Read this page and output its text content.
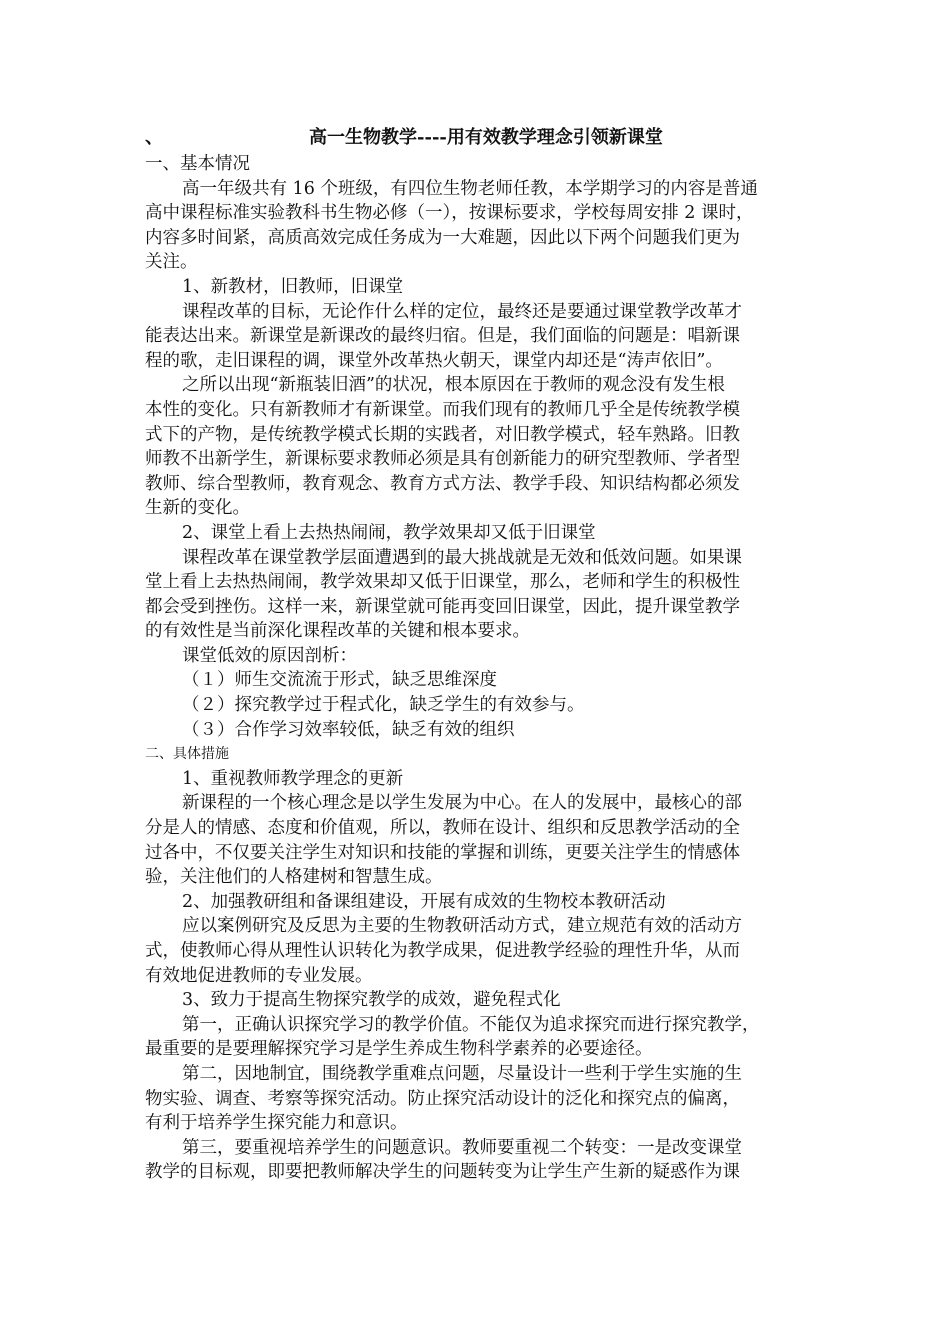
、	高一生物教学----用有效教学理念引领新课堂
一、基本情况
高一年级共有 16 个班级，有四位生物老师任教，本学期学习的内容是普通
高中课程标准实验教科书生物必修（一），按课标要求，学校每周安排 2 课时，
内容多时间紧，高质高效完成任务成为一大难题，因此以下两个问题我们更为
关注。
1、新教材，旧教师，旧课堂
课程改革的目标，无论作什么样的定位，最终还是要通过课堂教学改革才
能表达出来。新课堂是新课改的最终归宿。但是，我们面临的问题是：唱新课
程的歌，走旧课程的调，课堂外改革热火朝天，课堂内却还是“涛声依旧”。
之所以出现“新瓶装旧酒”的状况，根本原因在于教师的观念没有发生根
本性的变化。只有新教师才有新课堂。而我们现有的教师几乎全是传统教学模
式下的产物，是传统教学模式长期的实践者，对旧教学模式，轻车熟路。旧教
师教不出新学生，新课标要求教师必须是具有创新能力的研究型教师、学者型
教师、综合型教师，教育观念、教育方式方法、教学手段、知识结构都必须发
生新的变化。
2、课堂上看上去热热闹闹，教学效果却又低于旧课堂
课程改革在课堂教学层面遭遇到的最大挑战就是无效和低效问题。如果课
堂上看上去热热闹闹，教学效果却又低于旧课堂，那么，老师和学生的积极性
都会受到挫伤。这样一来，新课堂就可能再变回旧课堂，因此，提升课堂教学
的有效性是当前深化课程改革的关键和根本要求。
课堂低效的原因剖析：
（１）师生交流流于形式，缺乏思维深度
（２）探究教学过于程式化，缺乏学生的有效参与。
（３）合作学习效率较低，缺乏有效的组织
二、具体措施
1、重视教师教学理念的更新
新课程的一个核心理念是以学生发展为中心。在人的发展中，最核心的部
分是人的情感、态度和价值观，所以，教师在设计、组织和反思教学活动的全
过各中，不仅要关注学生对知识和技能的掌握和训练，更要关注学生的情感体
验，关注他们的人格建树和智慧生成。
2、加强教研组和备课组建设，开展有成效的生物校本教研活动
应以案例研究及反思为主要的生物教研活动方式，建立规范有效的活动方
式，使教师心得从理性认识转化为教学成果，促进教学经验的理性升华，从而
有效地促进教师的专业发展。
3、致力于提高生物探究教学的成效，避免程式化
第一，正确认识探究学习的教学价值。不能仅为追求探究而进行探究教学，
最重要的是要理解探究学习是学生养成生物科学素养的必要途径。
第二，因地制宜，围绕教学重难点问题，尽量设计一些利于学生实施的生
物实验、调查、考察等探究活动。防止探究活动设计的泛化和探究点的偏离，
有利于培养学生探究能力和意识。
第三，要重视培养学生的问题意识。教师要重视二个转变：一是改变课堂
教学的目标观，即要把教师解决学生的问题转变为让学生产生新的疑惑作为课
